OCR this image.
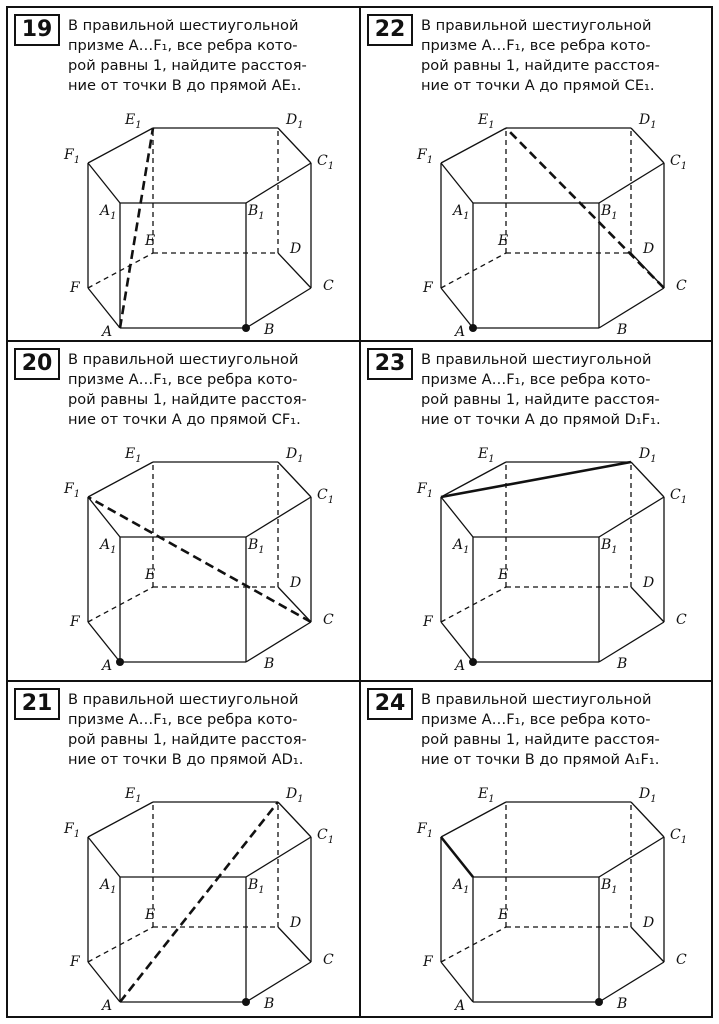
19	В правильной шестиугольной
призме A…F₁, все ребра кото-
рой равны 1, найдите расстоя-
ние от точки B до прямой AE₁.
A	B
C
D
E
F
$A_1$	$B_1$
$C_1$
$D_1$
$E_1$
$F_1$
22	В правильной шестиугольной
призме A…F₁, все ребра кото-
рой равны 1, найдите расстоя-
ние от точки A до прямой CE₁.
A	B
C
D
E
F
$A_1$	$B_1$
$C_1$
$D_1$
$E_1$
$F_1$
20	В правильной шестиугольной
призме A…F₁, все ребра кото-
рой равны 1, найдите расстоя-
ние от точки A до прямой CF₁.
A	B
C
D
E
F
$A_1$	$B_1$
$C_1$
$D_1$
$E_1$
$F_1$
23	В правильной шестиугольной
призме A…F₁, все ребра кото-
рой равны 1, найдите расстоя-
ние от точки A до прямой D₁F₁.
A	B
C
D
E
F
$A_1$	$B_1$
$C_1$
$D_1$
$E_1$
$F_1$
21	В правильной шестиугольной
призме A…F₁, все ребра кото-
рой равны 1, найдите расстоя-
ние от точки B до прямой AD₁.
A	B
C
D
E
F
$A_1$	$B_1$
$C_1$
$D_1$
$E_1$
$F_1$
24	В правильной шестиугольной
призме A…F₁, все ребра кото-
рой равны 1, найдите расстоя-
ние от точки B до прямой A₁F₁.
A	B
C
D
E
F
$A_1$	$B_1$
$C_1$
$D_1$
$E_1$
$F_1$
